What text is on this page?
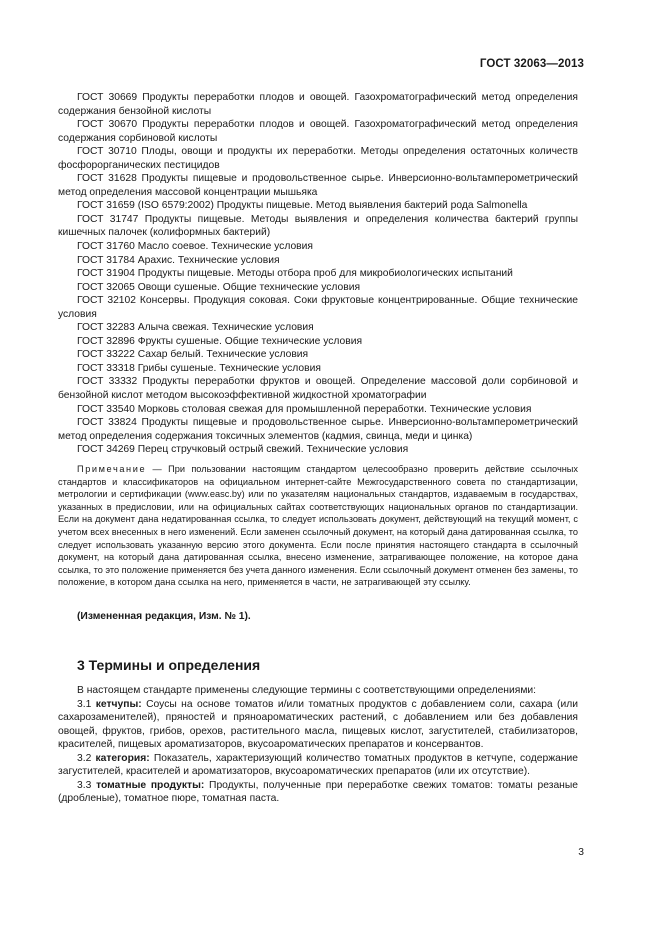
ГОСТ 32063—2013

ГОСТ 30669 Продукты переработки плодов и овощей. Газохроматографический метод определения содержания бензойной кислоты

ГОСТ 30670 Продукты переработки плодов и овощей. Газохроматографический метод определения содержания сорбиновой кислоты

ГОСТ 30710 Плоды, овощи и продукты их переработки. Методы определения остаточных количеств фосфорорганических пестицидов

ГОСТ 31628 Продукты пищевые и продовольственное сырье. Инверсионно-вольтамперометрический метод определения массовой концентрации мышьяка

ГОСТ 31659 (ISO 6579:2002) Продукты пищевые. Метод выявления бактерий рода Salmonella

ГОСТ 31747 Продукты пищевые. Методы выявления и определения количества бактерий группы кишечных палочек (колиформных бактерий)

ГОСТ 31760 Масло соевое. Технические условия

ГОСТ 31784 Арахис. Технические условия

ГОСТ 31904 Продукты пищевые. Методы отбора проб для микробиологических испытаний

ГОСТ 32065 Овощи сушеные. Общие технические условия

ГОСТ 32102 Консервы. Продукция соковая. Соки фруктовые концентрированные. Общие технические условия

ГОСТ 32283 Алыча свежая. Технические условия

ГОСТ 32896 Фрукты сушеные. Общие технические условия

ГОСТ 33222 Сахар белый. Технические условия

ГОСТ 33318 Грибы сушеные. Технические условия

ГОСТ 33332 Продукты переработки фруктов и овощей. Определение массовой доли сорбиновой и бензойной кислот методом высокоэффективной жидкостной хроматографии

ГОСТ 33540 Морковь столовая свежая для промышленной переработки. Технические условия

ГОСТ 33824 Продукты пищевые и продовольственное сырье. Инверсионно-вольтамперометрический метод определения содержания токсичных элементов (кадмия, свинца, меди и цинка)

ГОСТ 34269 Перец стручковый острый свежий. Технические условия

Примечание — При пользовании настоящим стандартом целесообразно проверить действие ссылочных стандартов и классификаторов на официальном интернет-сайте Межгосударственного совета по стандартизации, метрологии и сертификации (www.easc.by) или по указателям национальных стандартов, издаваемым в государствах, указанных в предисловии, или на официальных сайтах соответствующих национальных органов по стандартизации. Если на документ дана недатированная ссылка, то следует использовать документ, действующий на текущий момент, с учетом всех внесенных в него изменений. Если заменен ссылочный документ, на который дана датированная ссылка, то следует использовать указанную версию этого документа. Если после принятия настоящего стандарта в ссылочный документ, на который дана датированная ссылка, внесено изменение, затрагивающее положение, на которое дана ссылка, то это положение применяется без учета данного изменения. Если ссылочный документ отменен без замены, то положение, в котором дана ссылка на него, применяется в части, не затрагивающей эту ссылку.
(Измененная редакция, Изм. № 1).
3 Термины и определения

В настоящем стандарте применены следующие термины с соответствующими определениями:

3.1 кетчупы: Соусы на основе томатов и/или томатных продуктов с добавлением соли, сахара (или сахарозаменителей), пряностей и пряноароматических растений, с добавлением или без добавления овощей, фруктов, грибов, орехов, растительного масла, пищевых кислот, загустителей, стабилизаторов, красителей, пищевых ароматизаторов, вкусоароматических препаратов и консервантов.

3.2 категория: Показатель, характеризующий количество томатных продуктов в кетчупе, содержание загустителей, красителей и ароматизаторов, вкусоароматических препаратов (или их отсутствие).

3.3 томатные продукты: Продукты, полученные при переработке свежих томатов: томаты резаные (дробленые), томатное пюре, томатная паста.

3
